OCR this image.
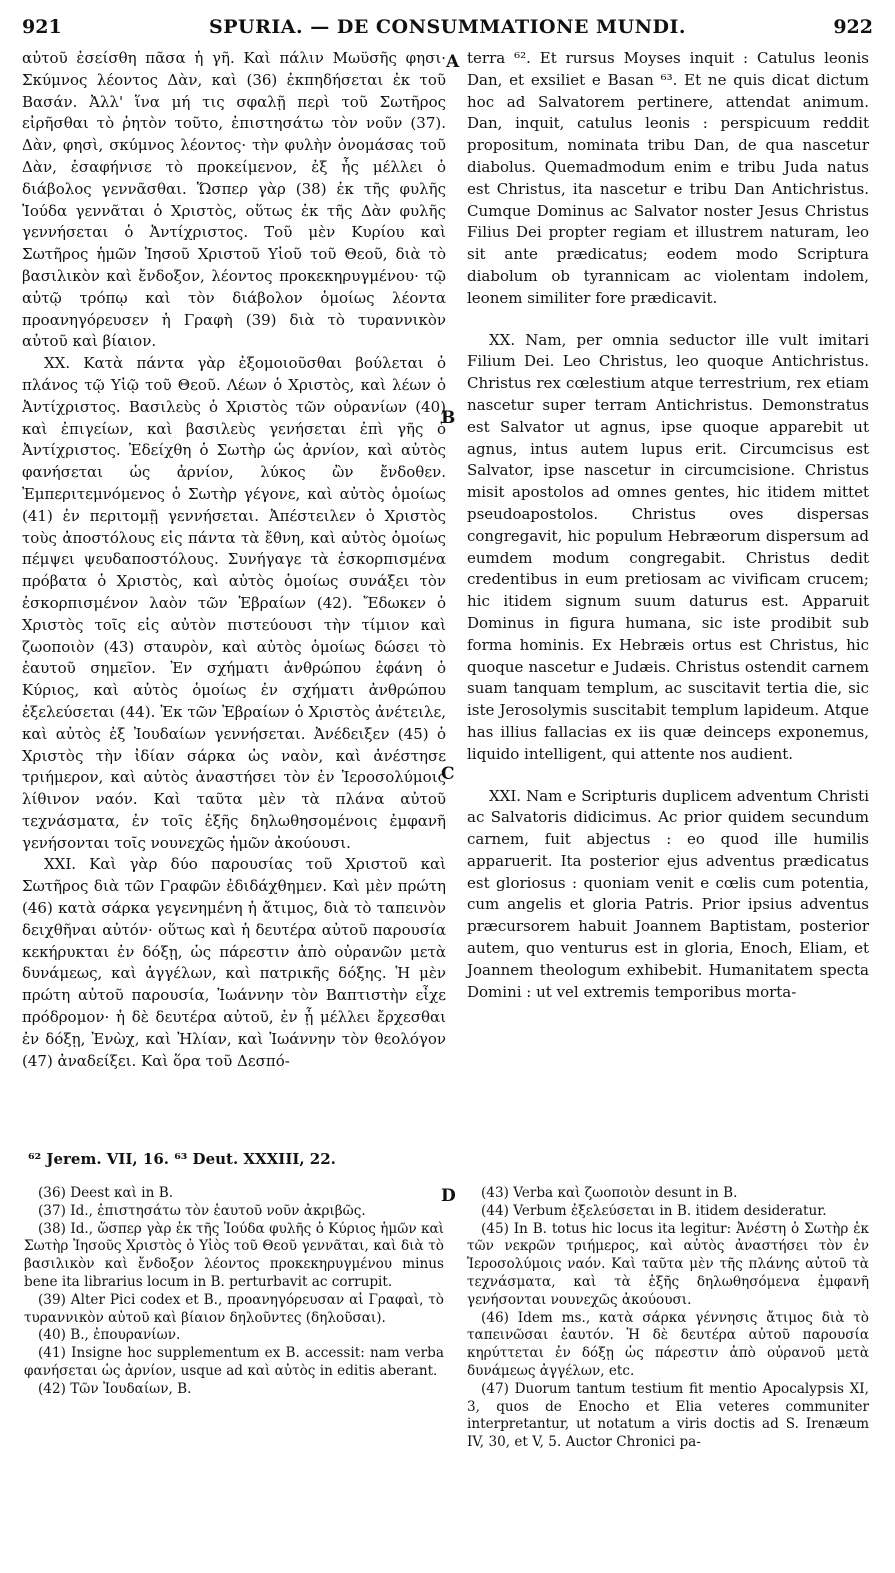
921	SPURIA. — DE CONSUMMATIONE MUNDI.	922

αὐτοῦ ἐσείσθη πᾶσα ἡ γῆ. Καὶ πάλιν Μωϋσῆς φησι· Σκύμνος λέοντος Δὰν, καὶ (36) ἐκπηδήσεται ἐκ τοῦ Βασάν. Ἀλλ' ἵνα μή τις σφαλῇ περὶ τοῦ Σωτῆρος εἰρῆσθαι τὸ ῥητὸν τοῦτο, ἐπιστησάτω τὸν νοῦν (37). Δὰν, φησὶ, σκύμνος λέοντος· τὴν φυλὴν ὀνομάσας τοῦ Δὰν, ἐσαφήνισε τὸ προκείμενον, ἐξ ἧς μέλλει ὁ διάβολος γεννᾶσθαι. Ὥσπερ γὰρ (38) ἐκ τῆς φυλῆς Ἰούδα γεννᾶται ὁ Χριστὸς, οὕτως ἐκ τῆς Δὰν φυλῆς γεννήσεται ὁ Ἀντίχριστος. Τοῦ μὲν Κυρίου καὶ Σωτῆρος ἡμῶν Ἰησοῦ Χριστοῦ Υἱοῦ τοῦ Θεοῦ, διὰ τὸ βασιλικὸν καὶ ἔνδοξον, λέοντος προκεκηρυγμένου· τῷ αὐτῷ τρόπῳ καὶ τὸν διάβολον ὁμοίως λέοντα προανηγόρευσεν ἡ Γραφὴ (39) διὰ τὸ τυραννικὸν αὐτοῦ καὶ βίαιον.

XX. Κατὰ πάντα γὰρ ἐξομοιοῦσθαι βούλεται ὁ πλάνος τῷ Υἱῷ τοῦ Θεοῦ. Λέων ὁ Χριστὸς, καὶ λέων ὁ Ἀντίχριστος. Βασιλεὺς ὁ Χριστὸς τῶν οὐρανίων (40) καὶ ἐπιγείων, καὶ βασιλεὺς γενήσεται ἐπὶ γῆς ὁ Ἀντίχριστος. Ἐδείχθη ὁ Σωτὴρ ὡς ἀρνίον, καὶ αὐτὸς φανήσεται ὡς ἀρνίον, λύκος ὢν ἔνδοθεν. Ἐμπεριτεμνόμενος ὁ Σωτὴρ γέγονε, καὶ αὐτὸς ὁμοίως (41) ἐν περιτομῇ γεννήσεται. Ἀπέστειλεν ὁ Χριστὸς τοὺς ἀποστόλους εἰς πάντα τὰ ἔθνη, καὶ αὐτὸς ὁμοίως πέμψει ψευδαποστόλους. Συνήγαγε τὰ ἐσκορπισμένα πρόβατα ὁ Χριστὸς, καὶ αὐτὸς ὁμοίως συνάξει τὸν ἐσκορπισμένον λαὸν τῶν Ἑβραίων (42). Ἔδωκεν ὁ Χριστὸς τοῖς εἰς αὐτὸν πιστεύουσι τὴν τίμιον καὶ ζωοποιὸν (43) σταυρὸν, καὶ αὐτὸς ὁμοίως δώσει τὸ ἑαυτοῦ σημεῖον. Ἐν σχήματι ἀνθρώπου ἐφάνη ὁ Κύριος, καὶ αὐτὸς ὁμοίως ἐν σχήματι ἀνθρώπου ἐξελεύσεται (44). Ἐκ τῶν Ἑβραίων ὁ Χριστὸς ἀνέτειλε, καὶ αὐτὸς ἐξ Ἰουδαίων γεννήσεται. Ἀνέδειξεν (45) ὁ Χριστὸς τὴν ἰδίαν σάρκα ὡς ναὸν, καὶ ἀνέστησε τριήμερον, καὶ αὐτὸς ἀναστήσει τὸν ἐν Ἱεροσολύμοις λίθινον ναόν. Καὶ ταῦτα μὲν τὰ πλάνα αὐτοῦ τεχνάσματα, ἐν τοῖς ἑξῆς δηλωθησομένοις ἐμφανῆ γενήσονται τοῖς νουνεχῶς ἡμῶν ἀκούουσι.

XXI. Καὶ γὰρ δύο παρουσίας τοῦ Χριστοῦ καὶ Σωτῆρος διὰ τῶν Γραφῶν ἐδιδάχθημεν. Καὶ μὲν πρώτη (46) κατὰ σάρκα γεγενημένη ἡ ἄτιμος, διὰ τὸ ταπεινὸν δειχθῆναι αὐτόν· οὕτως καὶ ἡ δευτέρα αὐτοῦ παρουσία κεκήρυκται ἐν δόξῃ, ὡς πάρεστιν ἀπὸ οὐρανῶν μετὰ δυνάμεως, καὶ ἀγγέλων, καὶ πατρικῆς δόξης. Ἡ μὲν πρώτη αὐτοῦ παρουσία, Ἰωάννην τὸν Βαπτιστὴν εἶχε πρόδρομον· ἡ δὲ δευτέρα αὐτοῦ, ἐν ᾗ μέλλει ἔρχεσθαι ἐν δόξῃ, Ἐνὼχ, καὶ Ἠλίαν, καὶ Ἰωάννην τὸν θεολόγον (47) ἀναδείξει. Καὶ ὅρα τοῦ Δεσπό-

A
B
C
D

terra ⁶². Et rursus Moyses inquit : Catulus leonis Dan, et exsiliet e Basan ⁶³. Et ne quis dicat dictum hoc ad Salvatorem pertinere, attendat animum. Dan, inquit, catulus leonis : perspicuum reddit propositum, nominata tribu Dan, de qua nascetur diabolus. Quemadmodum enim e tribu Juda natus est Christus, ita nascetur e tribu Dan Antichristus. Cumque Dominus ac Salvator noster Jesus Christus Filius Dei propter regiam et illustrem naturam, leo sit ante prædicatus; eodem modo Scriptura diabolum ob tyrannicam ac violentam indolem, leonem similiter fore prædicavit.

XX. Nam, per omnia seductor ille vult imitari Filium Dei. Leo Christus, leo quoque Antichristus. Christus rex cœlestium atque terrestrium, rex etiam nascetur super terram Antichristus. Demonstratus est Salvator ut agnus, ipse quoque apparebit ut agnus, intus autem lupus erit. Circumcisus est Salvator, ipse nascetur in circumcisione. Christus misit apostolos ad omnes gentes, hic itidem mittet pseudoapostolos. Christus oves dispersas congregavit, hic populum Hebræorum dispersum ad eumdem modum congregabit. Christus dedit credentibus in eum pretiosam ac vivificam crucem; hic itidem signum suum daturus est. Apparuit Dominus in figura humana, sic iste prodibit sub forma hominis. Ex Hebræis ortus est Christus, hic quoque nascetur e Judæis. Christus ostendit carnem suam tanquam templum, ac suscitavit tertia die, sic iste Jerosolymis suscitabit templum lapideum. Atque has illius fallacias ex iis quæ deinceps exponemus, liquido intelligent, qui attente nos audient.

XXI. Nam e Scripturis duplicem adventum Christi ac Salvatoris didicimus. Ac prior quidem secundum carnem, fuit abjectus : eo quod ille humilis apparuerit. Ita posterior ejus adventus prædicatus est gloriosus : quoniam venit e cœlis cum potentia, cum angelis et gloria Patris. Prior ipsius adventus præcursorem habuit Joannem Baptistam, posterior autem, quo venturus est in gloria, Enoch, Eliam, et Joannem theologum exhibebit. Humanitatem specta Domini : ut vel extremis temporibus morta-

⁶² Jerem. VII, 16. ⁶³ Deut. XXXIII, 22.

(36) Deest καὶ in B.

(37) Id., ἐπιστησάτω τὸν ἑαυτοῦ νοῦν ἀκριβῶς.

(38) Id., ὥσπερ γὰρ ἐκ τῆς Ἰούδα φυλῆς ὁ Κύριος ἡμῶν καὶ Σωτὴρ Ἰησοῦς Χριστὸς ὁ Υἱὸς τοῦ Θεοῦ γεννᾶται, καὶ διὰ τὸ βασιλικὸν καὶ ἔνδοξον λέοντος προκεκηρυγμένου minus bene ita librarius locum in B. perturbavit ac corrupit.

(39) Alter Pici codex et B., προανηγόρευσαν αἱ Γραφαὶ, τὸ τυραννικὸν αὐτοῦ καὶ βίαιον δηλοῦντες (δηλοῦσαι).

(40) B., ἐπουρανίων.

(41) Insigne hoc supplementum ex B. accessit: nam verba φανήσεται ὡς ἀρνίον, usque ad καὶ αὐτὸς in editis aberant.

(42) Τῶν Ἰουδαίων, B.

(43) Verba καὶ ζωοποιὸν desunt in B.

(44) Verbum ἐξελεύσεται in B. itidem desideratur.

(45) In B. totus hic locus ita legitur: Ἀνέστη ὁ Σωτὴρ ἐκ τῶν νεκρῶν τριήμερος, καὶ αὐτὸς ἀναστήσει τὸν ἐν Ἱεροσολύμοις ναόν. Καὶ ταῦτα μὲν τῆς πλάνης αὐτοῦ τὰ τεχνάσματα, καὶ τὰ ἑξῆς δηλωθησόμενα ἐμφανῆ γενήσονται νουνεχῶς ἀκούουσι.

(46) Idem ms., κατὰ σάρκα γέννησις ἄτιμος διὰ τὸ ταπεινῶσαι ἑαυτόν. Ἡ δὲ δευτέρα αὐτοῦ παρουσία κηρύττεται ἐν δόξῃ ὡς πάρεστιν ἀπὸ οὐρανοῦ μετὰ δυνάμεως ἀγγέλων, etc.

(47) Duorum tantum testium fit mentio Apocalypsis XI, 3, quos de Enocho et Elia veteres communiter interpretantur, ut notatum a viris doctis ad S. Irenæum IV, 30, et V, 5. Auctor Chronici pa-
